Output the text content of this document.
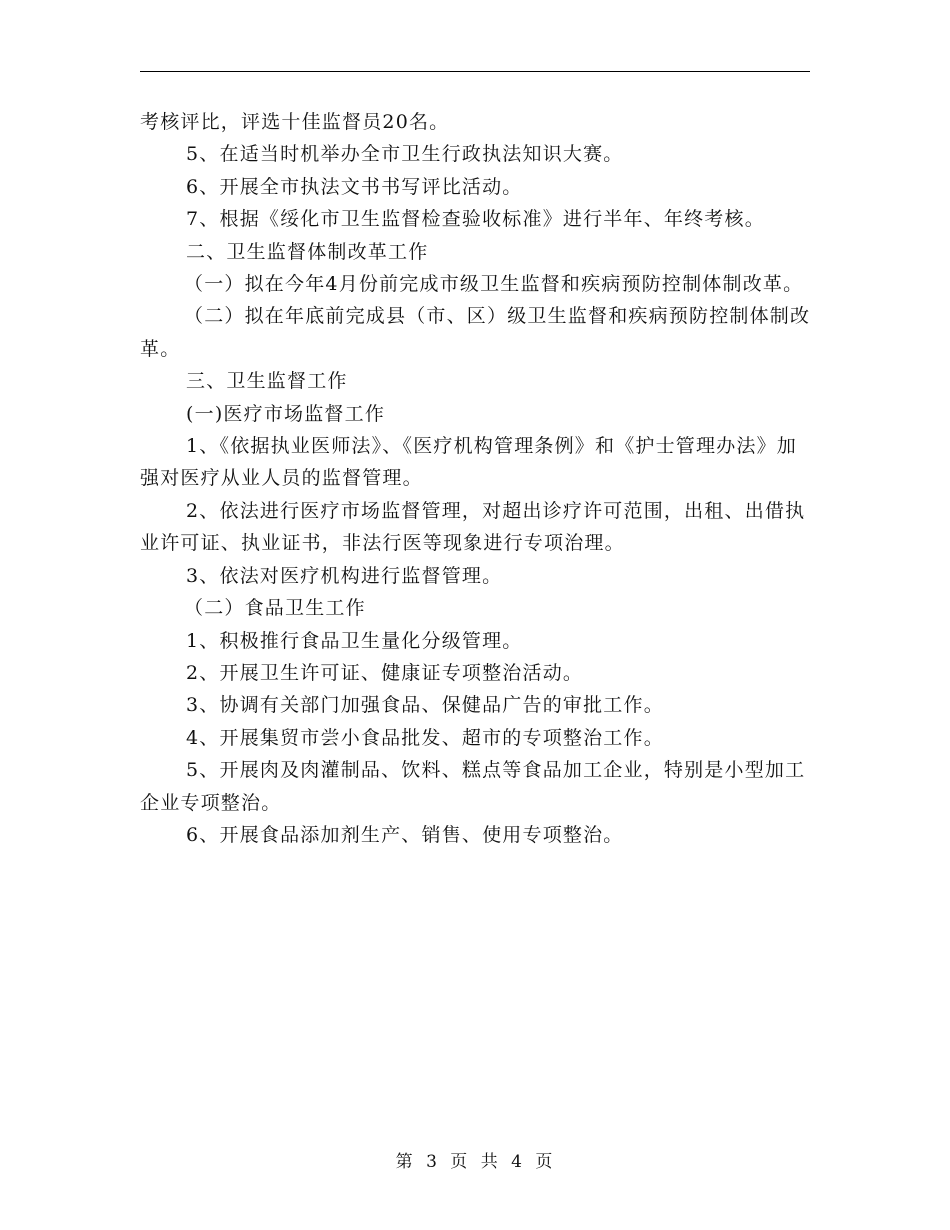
考核评比，评选十佳监督员20名。

5、在适当时机举办全市卫生行政执法知识大赛。

6、开展全市执法文书书写评比活动。

7、根据《绥化市卫生监督检查验收标准》进行半年、年终考核。

二、卫生监督体制改革工作

（一）拟在今年4月份前完成市级卫生监督和疾病预防控制体制改革。

（二）拟在年底前完成县（市、区）级卫生监督和疾病预防控制体制改革。

三、卫生监督工作

(一)医疗市场监督工作

1、《依据执业医师法》、《医疗机构管理条例》和《护士管理办法》加强对医疗从业人员的监督管理。

2、依法进行医疗市场监督管理，对超出诊疗许可范围，出租、出借执业许可证、执业证书，非法行医等现象进行专项治理。

3、依法对医疗机构进行监督管理。

（二）食品卫生工作

1、积极推行食品卫生量化分级管理。

2、开展卫生许可证、健康证专项整治活动。

3、协调有关部门加强食品、保健品广告的审批工作。

4、开展集贸市尝小食品批发、超市的专项整治工作。

5、开展肉及肉灌制品、饮料、糕点等食品加工企业，特别是小型加工企业专项整治。

6、开展食品添加剂生产、销售、使用专项整治。

第 3 页 共 4 页
